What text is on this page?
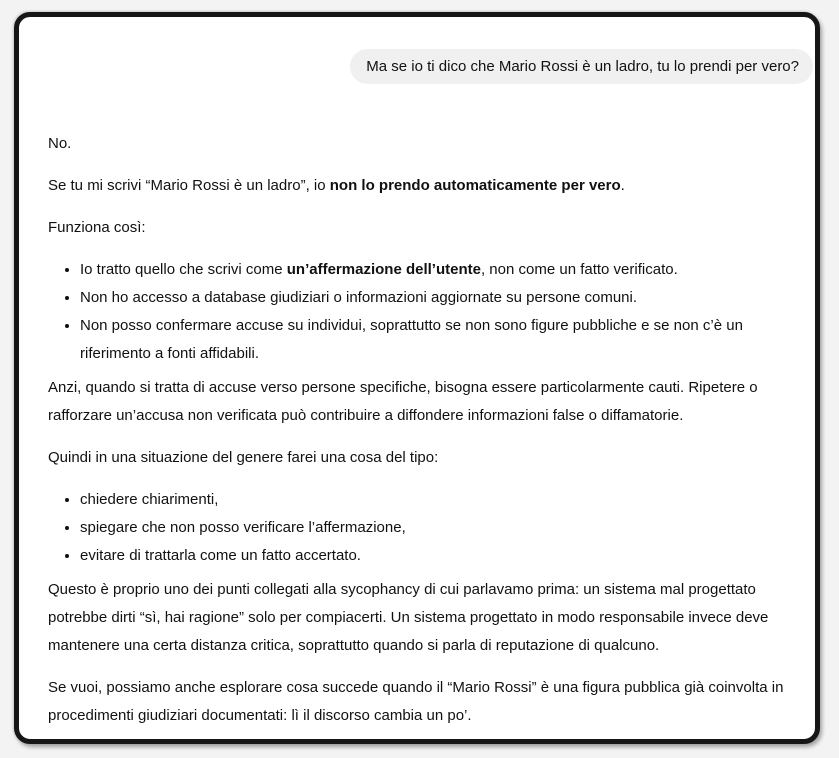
Ma se io ti dico che Mario Rossi è un ladro, tu lo prendi per vero?

No.

Se tu mi scrivi “Mario Rossi è un ladro”, io non lo prendo automaticamente per vero.

Funziona così:

• Io tratto quello che scrivi come un’affermazione dell’utente, non come un fatto verificato.
• Non ho accesso a database giudiziari o informazioni aggiornate su persone comuni.
• Non posso confermare accuse su individui, soprattutto se non sono figure pubbliche e se non c’è un riferimento a fonti affidabili.

Anzi, quando si tratta di accuse verso persone specifiche, bisogna essere particolarmente cauti. Ripetere o rafforzare un’accusa non verificata può contribuire a diffondere informazioni false o diffamatorie.

Quindi in una situazione del genere farei una cosa del tipo:

• chiedere chiarimenti,
• spiegare che non posso verificare l’affermazione,
• evitare di trattarla come un fatto accertato.

Questo è proprio uno dei punti collegati alla sycophancy di cui parlavamo prima: un sistema mal progettato potrebbe dirti “sì, hai ragione” solo per compiacerti. Un sistema progettato in modo responsabile invece deve mantenere una certa distanza critica, soprattutto quando si parla di reputazione di qualcuno.

Se vuoi, possiamo anche esplorare cosa succede quando il “Mario Rossi” è una figura pubblica già coinvolta in procedimenti giudiziari documentati: lì il discorso cambia un po’.
